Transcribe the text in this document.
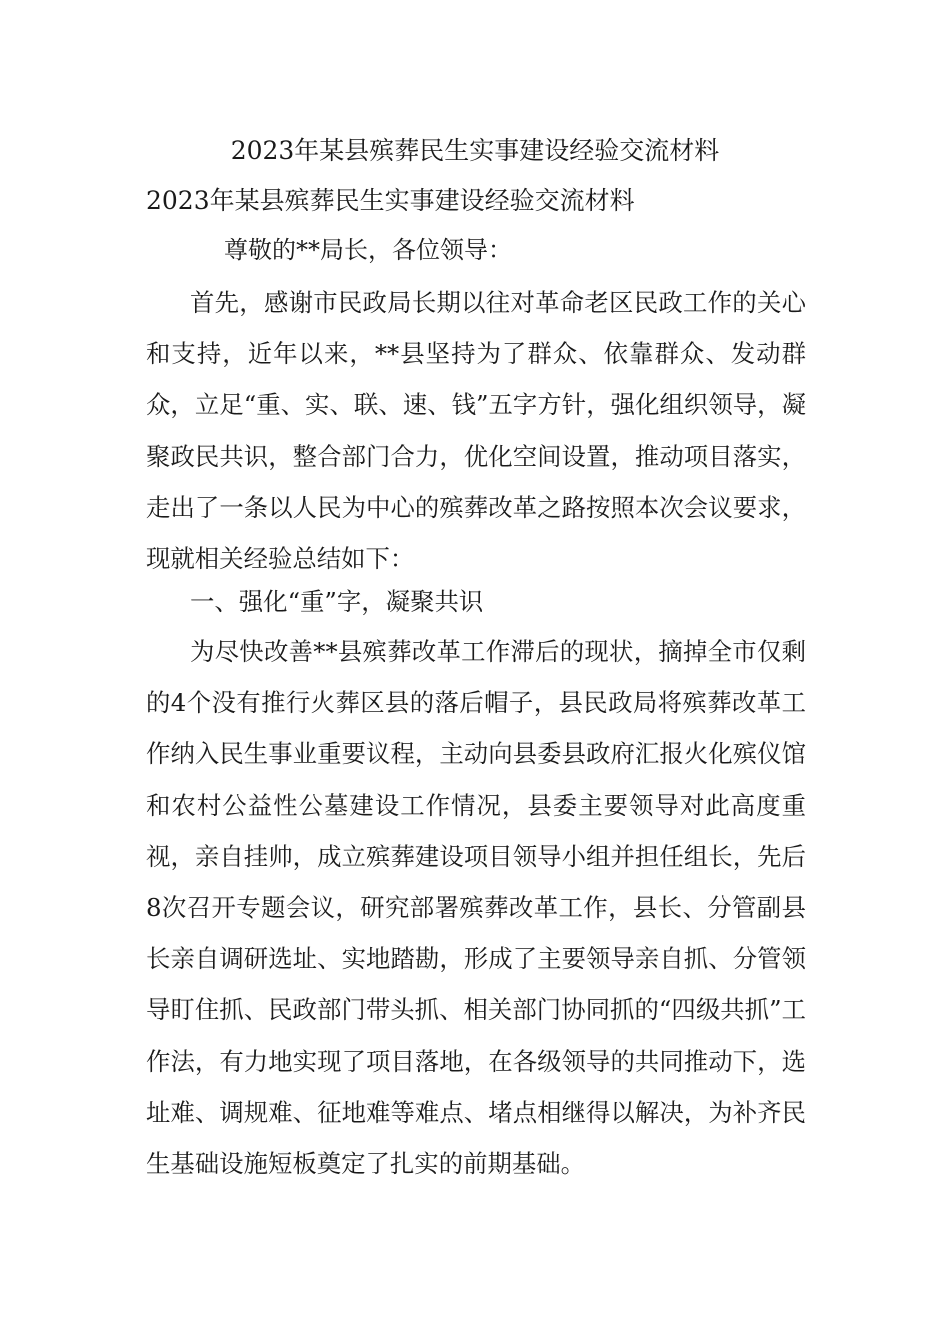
2023年某县殡葬民生实事建设经验交流材料
2023年某县殡葬民生实事建设经验交流材料
尊敬的**局长，各位领导：

首先，感谢市民政局长期以往对革命老区民政工作的关心和支持，近年以来，**县坚持为了群众、依靠群众、发动群众，立足“重、实、联、速、钱”五字方针，强化组织领导，凝聚政民共识，整合部门合力，优化空间设置，推动项目落实，走出了一条以人民为中心的殡葬改革之路按照本次会议要求，现就相关经验总结如下：

一、强化“重”字，凝聚共识

为尽快改善**县殡葬改革工作滞后的现状，摘掉全市仅剩的4个没有推行火葬区县的落后帽子，县民政局将殡葬改革工作纳入民生事业重要议程，主动向县委县政府汇报火化殡仪馆和农村公益性公墓建设工作情况，县委主要领导对此高度重视，亲自挂帅，成立殡葬建设项目领导小组并担任组长，先后8次召开专题会议，研究部署殡葬改革工作，县长、分管副县长亲自调研选址、实地踏勘，形成了主要领导亲自抓、分管领导盯住抓、民政部门带头抓、相关部门协同抓的“四级共抓”工作法，有力地实现了项目落地，在各级领导的共同推动下，选址难、调规难、征地难等难点、堵点相继得以解决，为补齐民生基础设施短板奠定了扎实的前期基础。
